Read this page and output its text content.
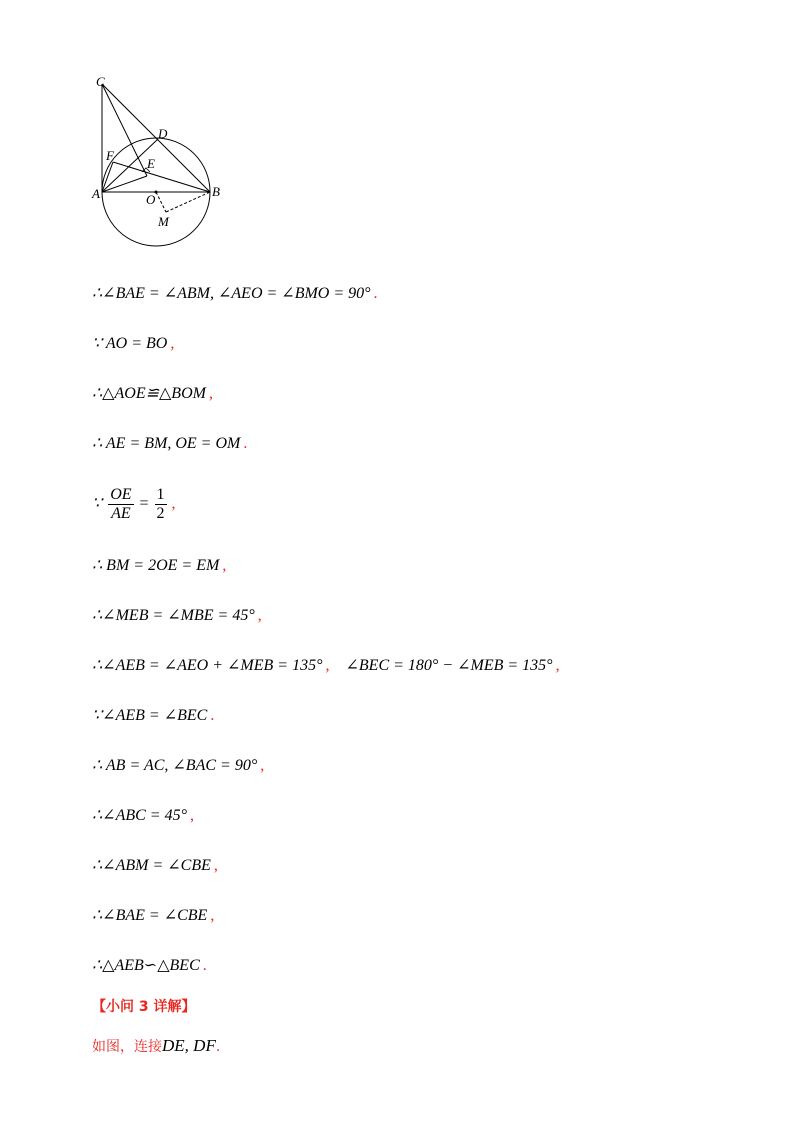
C
D
F
E
A	O
B
M
∴∠BAE = ∠ABM, ∠AEO = ∠BMO = 90° .
∵ AO = BO ,
∴△AOE≌△BOM ,
∴ AE = BM, OE = OM .
∵ $\frac{OE}{AE} = \frac{1}{2}$ ,
∴ BM = 2OE = EM ,
∴∠MEB = ∠MBE = 45° ,
∴∠AEB = ∠AEO + ∠MEB = 135° , ∠BEC = 180° − ∠MEB = 135° ,
∵∠AEB = ∠BEC .
∴ AB = AC, ∠BAC = 90° ,
∴∠ABC = 45° ,
∴∠ABM = ∠CBE ,
∴∠BAE = ∠CBE ,
∴△AEB∽△BEC .
【小问 3 详解】
如图，连接DE, DF.
